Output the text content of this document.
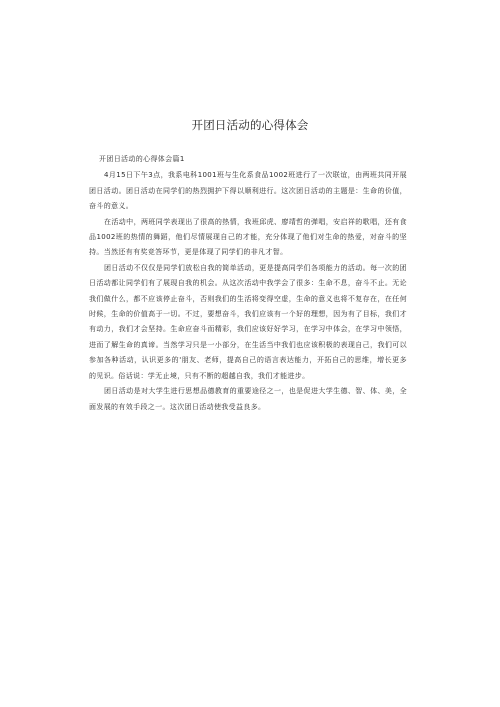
开团日活动的心得体会

开团日活动的心得体会篇1

4月15日下午3点，我系电科1001班与生化系食品1002班进行了一次联谊，由两班共同开展团日活动。团日活动在同学们的热烈拥护下得以顺利进行。这次团日活动的主题是：生命的价值，奋斗的意义。

在活动中，两班同学表现出了很高的热情，我班邱虎、廖靖哲的弹唱，安启祥的歌唱，还有食品1002班的热情的舞蹈，他们尽情展现自己的才能，充分体现了他们对生命的热爱，对奋斗的坚持。当然还有有奖竞答环节，更是体现了同学们的非凡才智。

团日活动不仅仅是同学们放松自我的简单活动，更是提高同学们各项能力的活动。每一次的团日活动都让同学们有了展现自我的机会。从这次活动中我学会了很多：生命不息，奋斗不止。无论我们做什么，都不应该停止奋斗，否则我们的生活将变得空虚，生命的意义也将不复存在，在任何时候，生命的价值高于一切。不过，要想奋斗，我们应该有一个好的理想，因为有了目标，我们才有动力，我们才会坚持。生命应奋斗而精彩，我们应该好好学习，在学习中体会，在学习中领悟，进而了解生命的真谛。当然学习只是一小部分，在生活当中我们也应该积极的表现自己，我们可以参加各种活动，认识更多的'朋友、老师，提高自己的语言表达能力，开拓自己的思维，增长更多的见识。俗话说：学无止境，只有不断的超越自我，我们才能进步。

团日活动是对大学生进行思想品德教育的重要途径之一，也是促进大学生德、智、体、美，全面发展的有效手段之一。这次团日活动使我受益良多。
